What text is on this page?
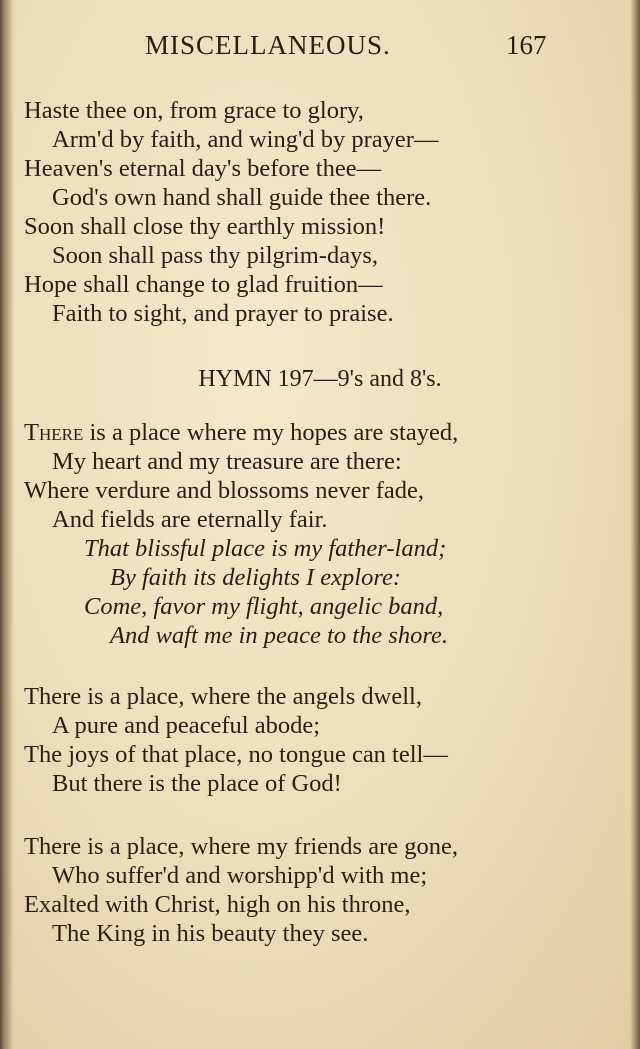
MISCELLANEOUS.	167
Haste thee on, from grace to glory,
Arm'd by faith, and wing'd by prayer—
Heaven's eternal day's before thee—
God's own hand shall guide thee there.
Soon shall close thy earthly mission!
Soon shall pass thy pilgrim-days,
Hope shall change to glad fruition—
Faith to sight, and prayer to praise.
HYMN 197—9's and 8's.
There is a place where my hopes are stayed,
My heart and my treasure are there:
Where verdure and blossoms never fade,
And fields are eternally fair.
That blissful place is my father-land;
By faith its delights I explore:
Come, favor my flight, angelic band,
And waft me in peace to the shore.
There is a place, where the angels dwell,
A pure and peaceful abode;
The joys of that place, no tongue can tell—
But there is the place of God!
There is a place, where my friends are gone,
Who suffer'd and worshipp'd with me;
Exalted with Christ, high on his throne,
The King in his beauty they see.
